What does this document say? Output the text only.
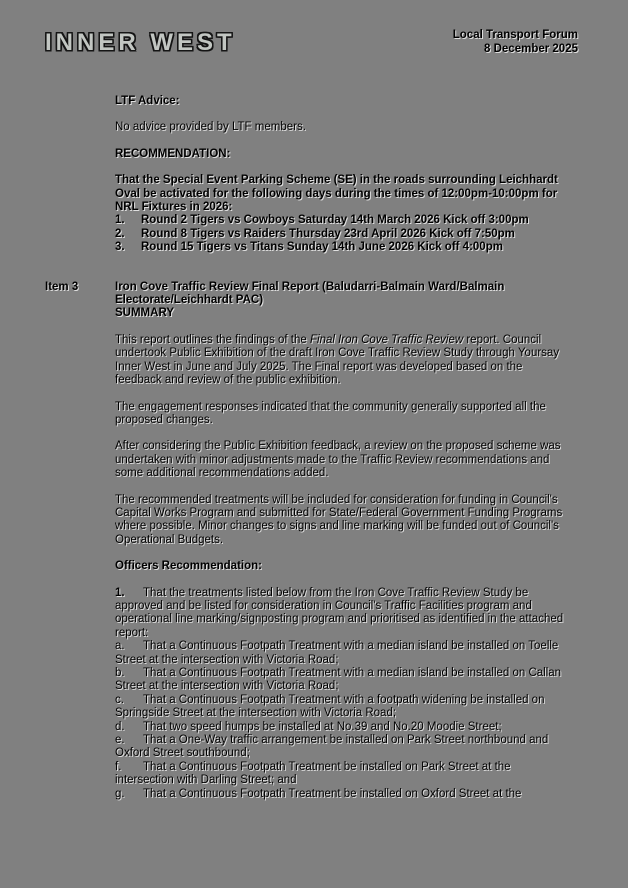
INNER WEST	Local Transport Forum
8 December 2025

LTF Advice:

No advice provided by LTF members.

RECOMMENDATION:

That the Special Event Parking Scheme (SE) in the roads surrounding Leichhardt Oval be activated for the following days during the times of 12:00pm-10:00pm for NRL Fixtures in 2026:

1.	Round 2 Tigers vs Cowboys Saturday 14th March 2026 Kick off 3:00pm
2.	Round 8 Tigers vs Raiders Thursday 23rd April 2026 Kick off 7:50pm
3.	Round 15 Tigers vs Titans Sunday 14th June 2026 Kick off 4:00pm
Item 3	Iron Cove Traffic Review Final Report (Baludarri-Balmain Ward/Balmain Electorate/Leichhardt PAC)
SUMMARY

This report outlines the findings of the Final Iron Cove Traffic Review report. Council undertook Public Exhibition of the draft Iron Cove Traffic Review Study through Yoursay Inner West in June and July 2025. The Final report was developed based on the feedback and review of the public exhibition.

The engagement responses indicated that the community generally supported all the proposed changes.

After considering the Public Exhibition feedback, a review on the proposed scheme was undertaken with minor adjustments made to the Traffic Review recommendations and some additional recommendations added.

The recommended treatments will be included for consideration for funding in Council's Capital Works Program and submitted for State/Federal Government Funding Programs where possible. Minor changes to signs and line marking will be funded out of Council's Operational Budgets.

Officers Recommendation:

1. That the treatments listed below from the Iron Cove Traffic Review Study be approved and be listed for consideration in Council's Traffic Facilities program and operational line marking/signposting program and prioritised as identified in the attached report:

a. That a Continuous Footpath Treatment with a median island be installed on Toelle Street at the intersection with Victoria Road;

b. That a Continuous Footpath Treatment with a median island be installed on Callan Street at the intersection with Victoria Road;

c. That a Continuous Footpath Treatment with a footpath widening be installed on Springside Street at the intersection with Victoria Road;

d. That two speed humps be installed at No.39 and No.20 Moodie Street;

e. That a One-Way traffic arrangement be installed on Park Street northbound and Oxford Street southbound;

f. That a Continuous Footpath Treatment be installed on Park Street at the intersection with Darling Street; and

g. That a Continuous Footpath Treatment be installed on Oxford Street at the
